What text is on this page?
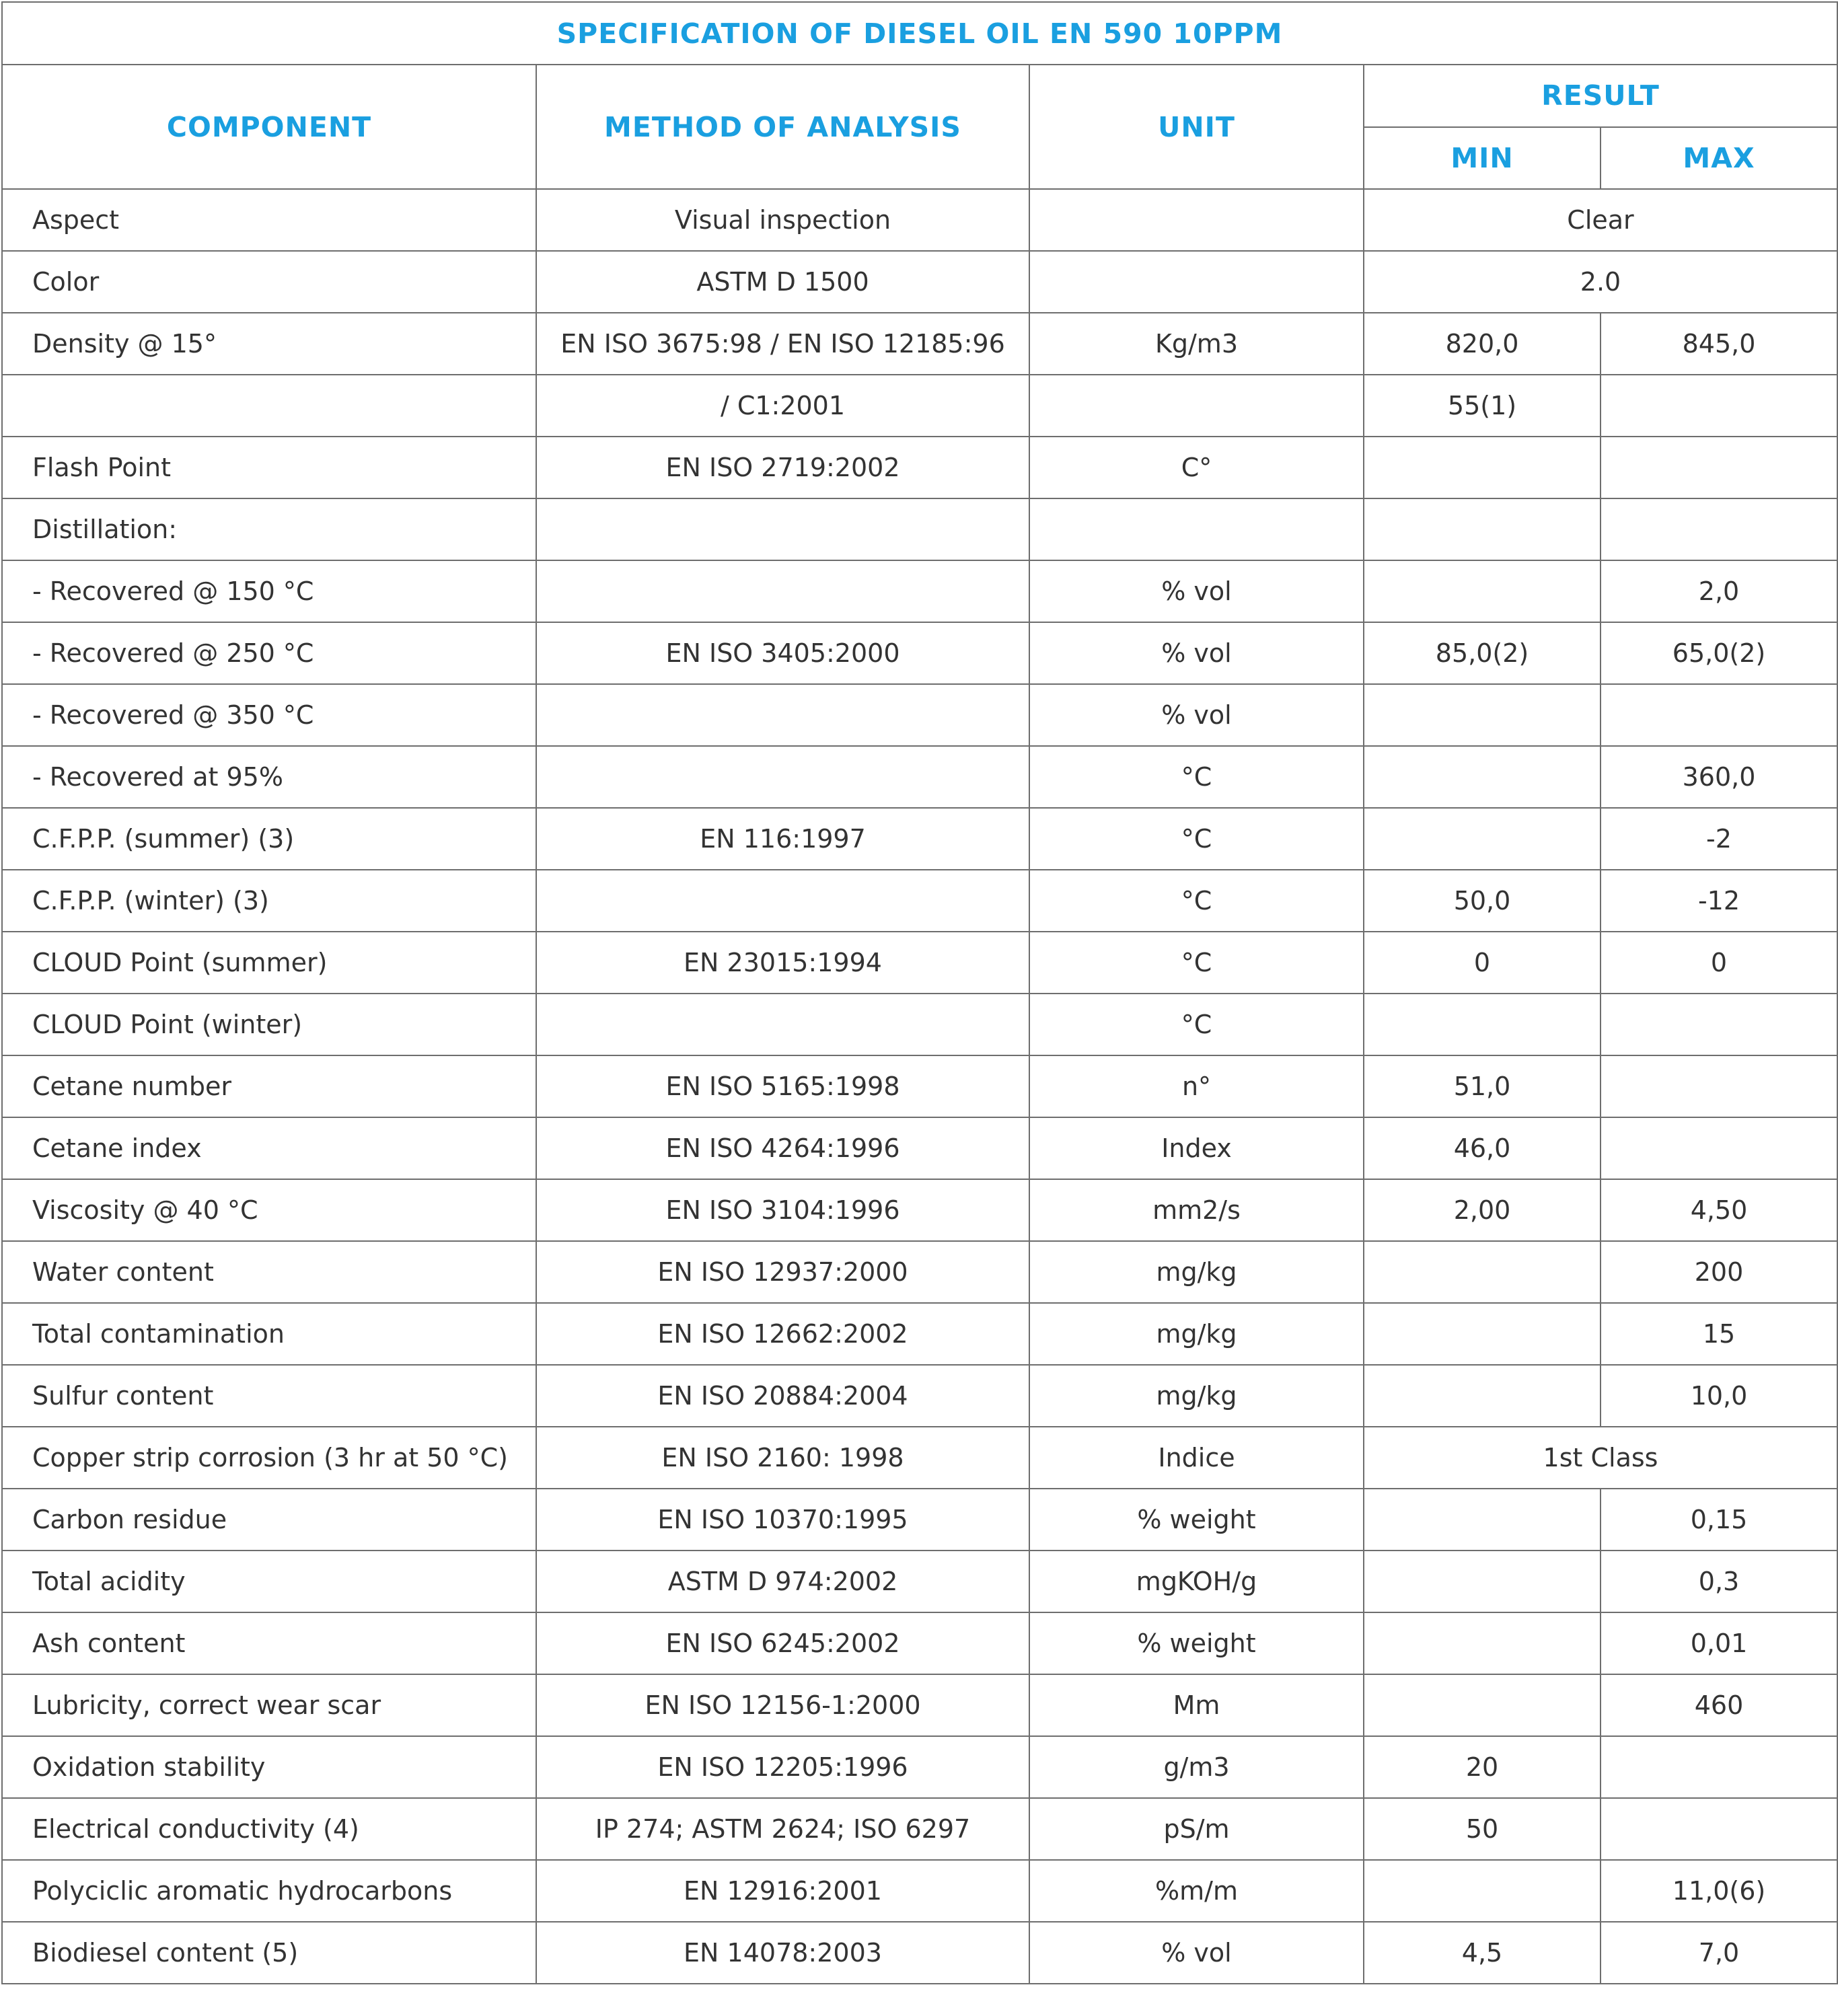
SPECIFICATION OF DIESEL OIL EN 590 10PPM				
COMPONENT	METHOD OF ANALYSIS	UNIT	RESULT	
			MIN	MAX
Aspect	Visual inspection		Clear	
Color	ASTM D 1500		2.0	
Density @ 15°	EN ISO 3675:98 / EN ISO 12185:96	Kg/m3	820,0	845,0
	/ C1:2001		55(1)	
Flash Point	EN ISO 2719:2002	C°		
Distillation:				
- Recovered @ 150 °C		% vol		2,0
- Recovered @ 250 °C	EN ISO 3405:2000	% vol	85,0(2)	65,0(2)
- Recovered @ 350 °C		% vol		
- Recovered at 95%		°C		360,0
C.F.P.P. (summer) (3)	EN 116:1997	°C		-2
C.F.P.P. (winter) (3)		°C	50,0	-12
CLOUD Point (summer)	EN 23015:1994	°C	0	0
CLOUD Point (winter)		°C		
Cetane number	EN ISO 5165:1998	n°	51,0	
Cetane index	EN ISO 4264:1996	Index	46,0	
Viscosity @ 40 °C	EN ISO 3104:1996	mm2/s	2,00	4,50
Water content	EN ISO 12937:2000	mg/kg		200
Total contamination	EN ISO 12662:2002	mg/kg		15
Sulfur content	EN ISO 20884:2004	mg/kg		10,0
Copper strip corrosion (3 hr at 50 °C)	EN ISO 2160: 1998	Indice	1st Class	
Carbon residue	EN ISO 10370:1995	% weight		0,15
Total acidity	ASTM D 974:2002	mgKOH/g		0,3
Ash content	EN ISO 6245:2002	% weight		0,01
Lubricity, correct wear scar	EN ISO 12156-1:2000	Mm		460
Oxidation stability	EN ISO 12205:1996	g/m3	20	
Electrical conductivity (4)	IP 274; ASTM 2624; ISO 6297	pS/m	50	
Polyciclic aromatic hydrocarbons	EN 12916:2001	%m/m		11,0(6)
Biodiesel content (5)	EN 14078:2003	% vol	4,5	7,0
